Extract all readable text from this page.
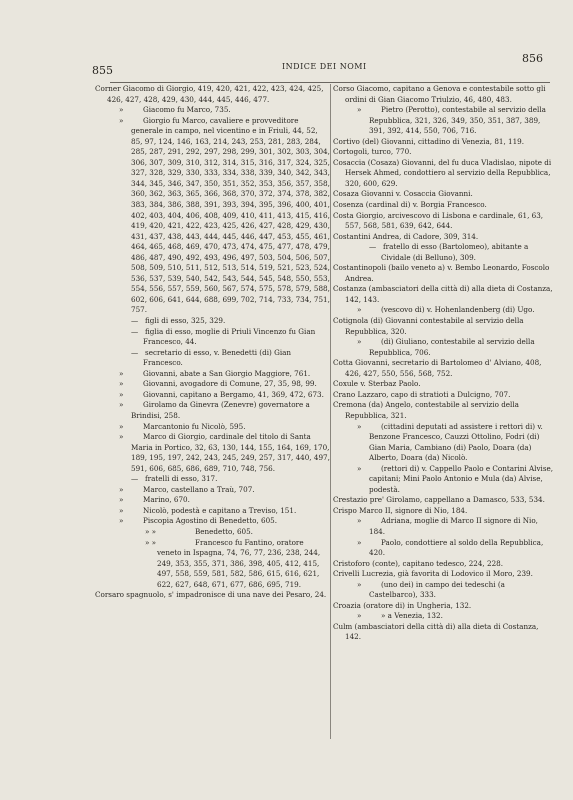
855	INDICE DEI NOMI
856

Corner Giacomo di Giorgio, 419, 420, 421, 422, 423, 424, 425, 426, 427, 428, 429, 430, 444, 445, 446, 477.

»	Giacomo fu Marco, 735.

»	Giorgio fu Marco, cavaliere e provveditore generale in campo, nel vicentino e in Friuli, 44, 52, 85, 97, 124, 146, 163, 214, 243, 253, 281, 283, 284, 285, 287, 291, 292, 297, 298, 299, 301, 302, 303, 304, 306, 307, 309, 310, 312, 314, 315, 316, 317, 324, 325, 327, 328, 329, 330, 333, 334, 338, 339, 340, 342, 343, 344, 345, 346, 347, 350, 351, 352, 353, 356, 357, 358, 360, 362, 363, 365, 366, 368, 370, 372, 374, 378, 382, 383, 384, 386, 388, 391, 393, 394, 395, 396, 400, 401, 402, 403, 404, 406, 408, 409, 410, 411, 413, 415, 416, 419, 420, 421, 422, 423, 425, 426, 427, 428, 429, 430, 431, 437, 438, 443, 444, 445, 446, 447, 453, 455, 461, 464, 465, 468, 469, 470, 473, 474, 475, 477, 478, 479, 486, 487, 490, 492, 493, 496, 497, 503, 504, 506, 507, 508, 509, 510, 511, 512, 513, 514, 519, 521, 523, 524, 536, 537, 539, 540, 542, 543, 544, 545, 548, 550, 553, 554, 556, 557, 559, 560, 567, 574, 575, 578, 579, 588, 602, 606, 641, 644, 688, 699, 702, 714, 733, 734, 751, 757.

— figli di esso, 325, 329.

— figlia di esso, moglie di Priuli Vincenzo fu Gian Francesco, 44.

— secretario di esso, v. Benedetti (di) Gian Francesco.

»	Giovanni, abate a San Giorgio Maggiore, 761.

»	Giovanni, avogadore di Comune, 27, 35, 98, 99.

»	Giovanni, capitano a Bergamo, 41, 369, 472, 673.

»	Girolamo da Ginevra (Zenevre) governatore a Brindisi, 258.

»	Marcantonio fu Nicolò, 595.

»	Marco di Giorgio, cardinale del titolo di Santa Maria in Portico, 32, 63, 130, 144, 155, 164, 169, 170, 189, 195, 197, 242, 243, 245, 249, 257, 317, 440, 497, 591, 606, 685, 686, 689, 710, 748, 756.

— fratelli di esso, 317.

»	Marco, castellano a Traù, 707.

»	Marino, 670.

»	Nicolò, podestà e capitano a Treviso, 151.

»	Piscopia Agostino di Benedetto, 605.

» »	Benedetto, 605.

» »	Francesco fu Fantino, oratore veneto in Ispagna, 74, 76, 77, 236, 238, 244, 249, 353, 355, 371, 386, 398, 405, 412, 415, 497, 558, 559, 581, 582, 586, 615, 616, 621, 622, 627, 648, 671, 677, 686, 695, 719.

Corsaro spagnuolo, s' impadronisce di una nave dei Pesaro, 24.

Corso Giacomo, capitano a Genova e contestabile sotto gli ordini di Gian Giacomo Triulzio, 46, 480, 483.

»	Pietro (Perotto), contestabile al servizio della Repubblica, 321, 326, 349, 350, 351, 387, 389, 391, 392, 414, 550, 706, 716.

Cortivo (del) Giovanni, cittadino di Venezia, 81, 119.

Cortogoli, turco, 770.

Cosaccia (Cosaza) Giovanni, del fu duca Vladislao, nipote di Hersek Ahmed, condottiero al servizio della Repubblica, 320, 600, 629.

Cosaza Giovanni v. Cosaccia Giovanni.

Cosenza (cardinal di) v. Borgia Francesco.

Costa Giorgio, arcivescovo di Lisbona e cardinale, 61, 63, 557, 568, 581, 639, 642, 644.

Costantini Andrea, di Cadore, 309, 314.

— fratello di esso (Bartolomeo), abitante a Cividale (di Belluno), 309.

Costantinopoli (bailo veneto a) v. Bembo Leonardo, Foscolo Andrea.

Costanza (ambasciatori della città di) alla dieta di Costanza, 142, 143.

»	(vescovo di) v. Hohenlandenberg (di) Ugo.

Cotignola (di) Giovanni contestabile al servizio della Repubblica, 320.

»	(di) Giuliano, contestabile al servizio della Repubblica, 706.

Cotta Giovanni, secretario di Bartolomeo d' Alviano, 408, 426, 427, 550, 556, 568, 752.

Coxule v. Sterbaz Paolo.

Crano Lazzaro, capo di stratioti a Dulcigno, 707.

Cremona (da) Angelo, contestabile al servizio della Repubblica, 321.

»	(cittadini deputati ad assistere i rettori di) v. Benzone Francesco, Cauzzi Ottolino, Fodri (di) Gian Maria, Cambiano (di) Paolo, Doara (da) Alberto, Doara (da) Nicolò.

»	(rettori di) v. Cappello Paolo e Contarini Alvise, capitani; Mini Paolo Antonio e Mula (da) Alvise, podestà.

Crestazio pre' Girolamo, cappellano a Damasco, 533, 534.

Crispo Marco II, signore di Nio, 184.

»	Adriana, moglie di Marco II signore di Nio, 184.

»	Paolo, condottiere al soldo della Repubblica, 420.

Cristoforo (conte), capitano tedesco, 224, 228.

Crivelli Lucrezia, già favorita di Lodovico il Moro, 239.

»	(uno dei) in campo dei tedeschi (a Castelbarco), 333.

Croazia (oratore di) in Ungheria, 132.

»	» a Venezia, 132.

Culm (ambasciatori della città di) alla dieta di Costanza, 142.
